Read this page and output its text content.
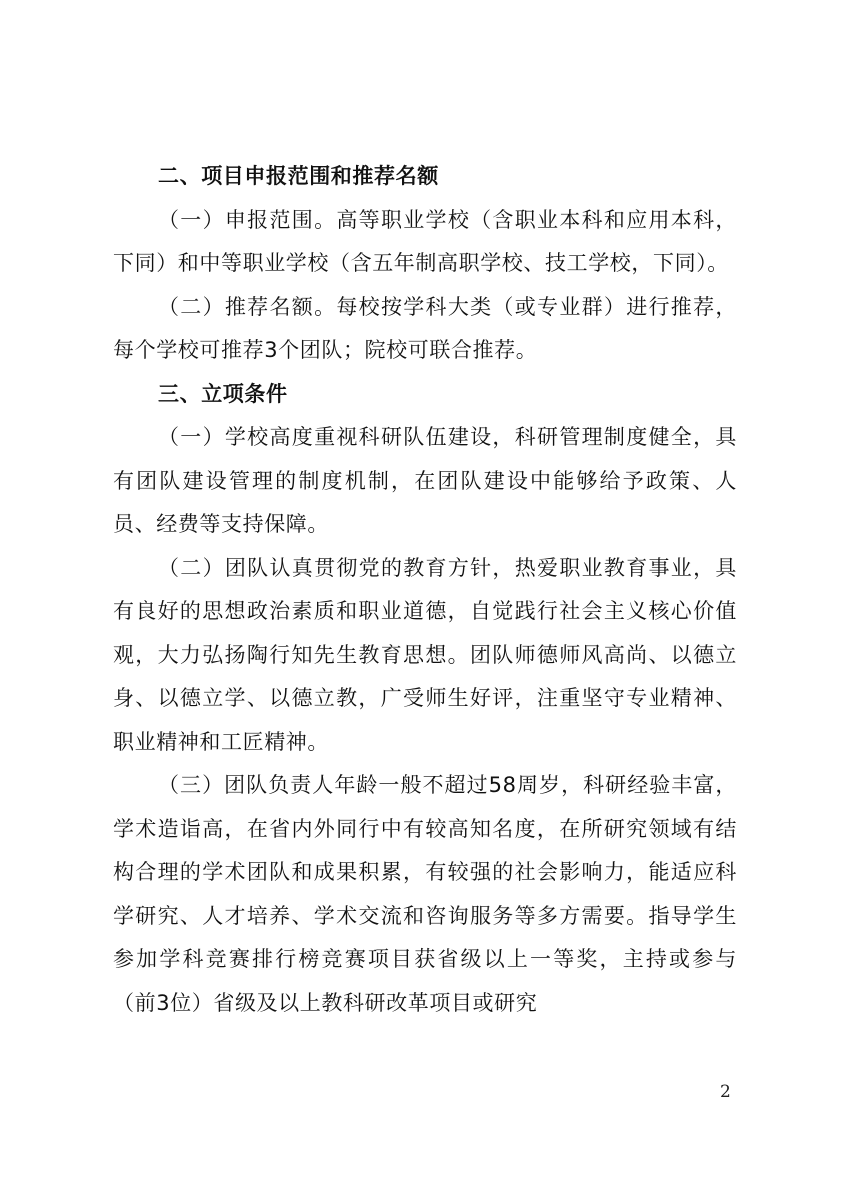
二、项目申报范围和推荐名额

（一）申报范围。高等职业学校（含职业本科和应用本科，下同）和中等职业学校（含五年制高职学校、技工学校，下同）。

（二）推荐名额。每校按学科大类（或专业群）进行推荐，每个学校可推荐3个团队；院校可联合推荐。

三、立项条件

（一）学校高度重视科研队伍建设，科研管理制度健全，具有团队建设管理的制度机制，在团队建设中能够给予政策、人员、经费等支持保障。

（二）团队认真贯彻党的教育方针，热爱职业教育事业，具有良好的思想政治素质和职业道德，自觉践行社会主义核心价值观，大力弘扬陶行知先生教育思想。团队师德师风高尚、以德立身、以德立学、以德立教，广受师生好评，注重坚守专业精神、职业精神和工匠精神。

（三）团队负责人年龄一般不超过58周岁，科研经验丰富，学术造诣高，在省内外同行中有较高知名度，在所研究领域有结构合理的学术团队和成果积累，有较强的社会影响力，能适应科学研究、人才培养、学术交流和咨询服务等多方需要。指导学生参加学科竞赛排行榜竞赛项目获省级以上一等奖，主持或参与（前3位）省级及以上教科研改革项目或研究

2
